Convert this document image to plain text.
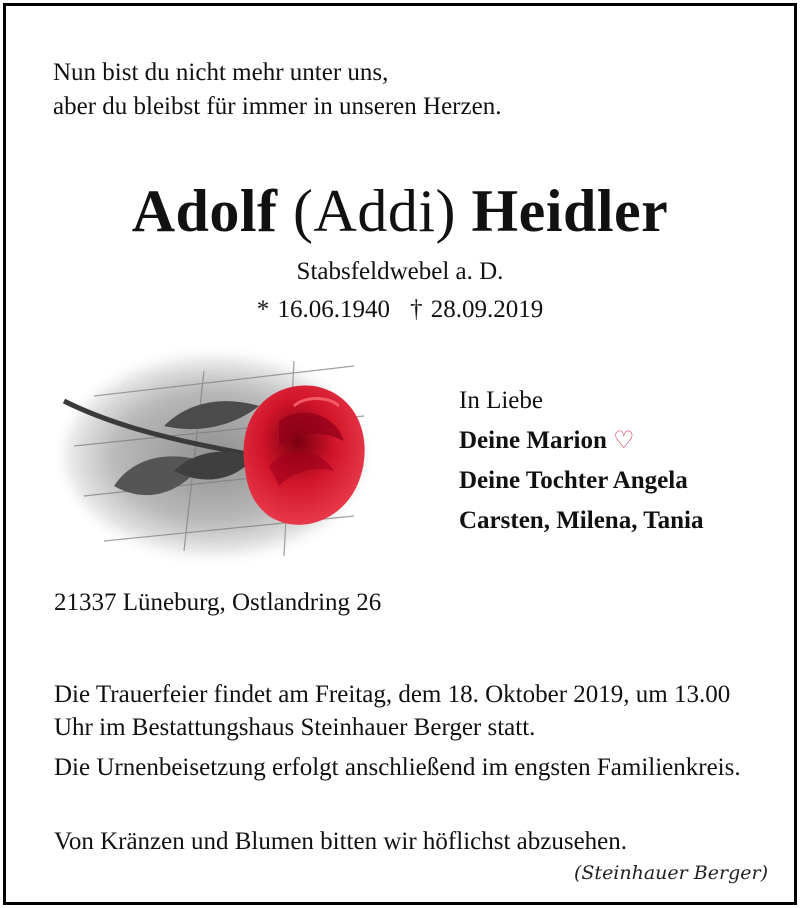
Nun bist du nicht mehr unter uns,
aber du bleibst für immer in unseren Herzen.
Adolf (Addi) Heidler
Stabsfeldwebel a. D.
* 16.06.1940 † 28.09.2019
In Liebe
Deine Marion ♡
Deine Tochter Angela
Carsten, Milena, Tania
21337 Lüneburg, Ostlandring 26
Die Trauerfeier findet am Freitag, dem 18. Oktober 2019, um 13.00 Uhr im Bestattungshaus Steinhauer Berger statt.
Die Urnenbeisetzung erfolgt anschließend im engsten Familienkreis.
Von Kränzen und Blumen bitten wir höflichst abzusehen.
(Steinhauer Berger)
